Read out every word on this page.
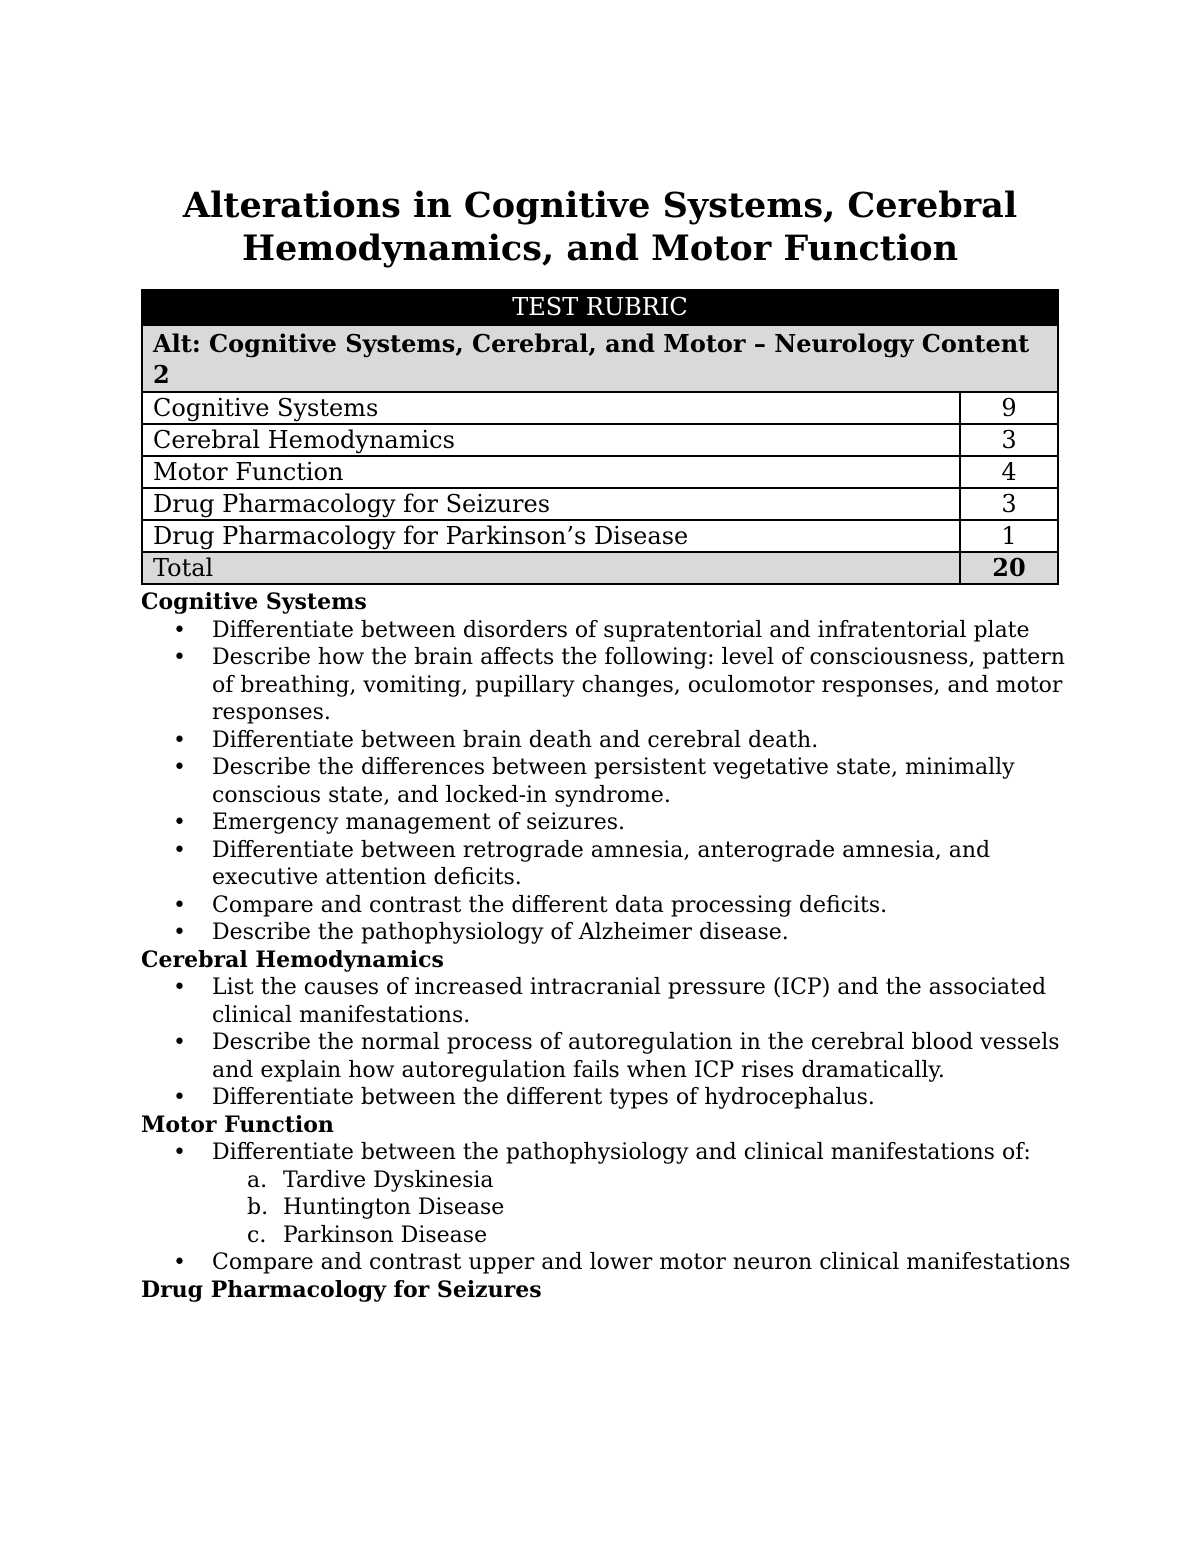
Alterations in Cognitive Systems, Cerebral Hemodynamics, and Motor Function
TEST RUBRIC	
Alt: Cognitive Systems, Cerebral, and Motor – Neurology Content 2	
Cognitive Systems	9
Cerebral Hemodynamics	3
Motor Function	4
Drug Pharmacology for Seizures	3
Drug Pharmacology for Parkinson’s Disease	1
Total	20

Cognitive Systems

• Differentiate between disorders of supratentorial and infratentorial plate
• Describe how the brain affects the following: level of consciousness, pattern of breathing, vomiting, pupillary changes, oculomotor responses, and motor responses.
• Differentiate between brain death and cerebral death.
• Describe the differences between persistent vegetative state, minimally conscious state, and locked-in syndrome.
• Emergency management of seizures.
• Differentiate between retrograde amnesia, anterograde amnesia, and executive attention deficits.
• Compare and contrast the different data processing deficits.
• Describe the pathophysiology of Alzheimer disease.

Cerebral Hemodynamics

• List the causes of increased intracranial pressure (ICP) and the associated clinical manifestations.
• Describe the normal process of autoregulation in the cerebral blood vessels and explain how autoregulation fails when ICP rises dramatically.
• Differentiate between the different types of hydrocephalus.

Motor Function

• Differentiate between the pathophysiology and clinical manifestations of:
a. Tardive Dyskinesia
b. Huntington Disease
c. Parkinson Disease
• Compare and contrast upper and lower motor neuron clinical manifestations

Drug Pharmacology for Seizures
